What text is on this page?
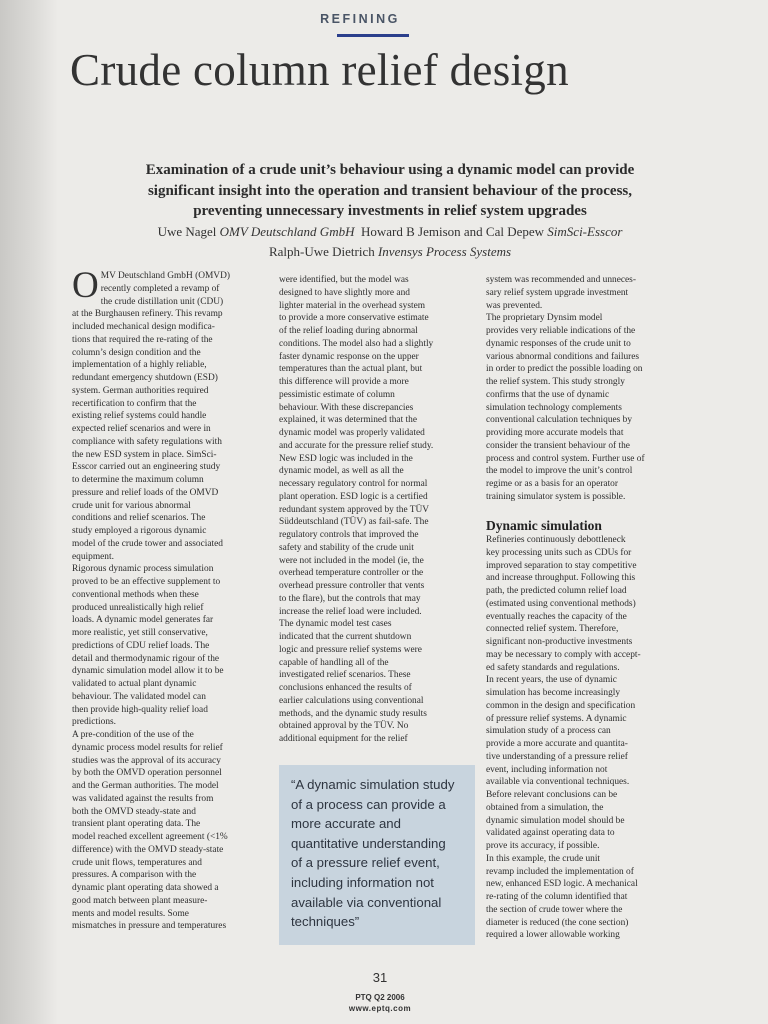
REFINING
Crude column relief design
Examination of a crude unit’s behaviour using a dynamic model can provide
significant insight into the operation and transient behaviour of the process,
preventing unnecessary investments in relief system upgrades
Uwe Nagel OMV Deutschland GmbH Howard B Jemison and Cal Depew SimSci-Esscor
Ralph-Uwe Dietrich Invensys Process Systems
O MV Deutschland GmbH (OMVD)
recently completed a revamp of
the crude distillation unit (CDU)
at the Burghausen refinery. This revamp
included mechanical design modifica-
tions that required the re-rating of the
column’s design condition and the
implementation of a highly reliable,
redundant emergency shutdown (ESD)
system. German authorities required
recertification to confirm that the
existing relief systems could handle
expected relief scenarios and were in
compliance with safety regulations with
the new ESD system in place. SimSci-
Esscor carried out an engineering study
to determine the maximum column
pressure and relief loads of the OMVD
crude unit for various abnormal
conditions and relief scenarios. The
study employed a rigorous dynamic
model of the crude tower and associated
equipment.
Rigorous dynamic process simulation
proved to be an effective supplement to
conventional methods when these
produced unrealistically high relief
loads. A dynamic model generates far
more realistic, yet still conservative,
predictions of CDU relief loads. The
detail and thermodynamic rigour of the
dynamic simulation model allow it to be
validated to actual plant dynamic
behaviour. The validated model can
then provide high-quality relief load
predictions.
A pre-condition of the use of the
dynamic process model results for relief
studies was the approval of its accuracy
by both the OMVD operation personnel
and the German authorities. The model
was validated against the results from
both the OMVD steady-state and
transient plant operating data. The
model reached excellent agreement (<1%
difference) with the OMVD steady-state
crude unit flows, temperatures and
pressures. A comparison with the
dynamic plant operating data showed a
good match between plant measure-
ments and model results. Some
mismatches in pressure and temperatures
were identified, but the model was
designed to have slightly more and
lighter material in the overhead system
to provide a more conservative estimate
of the relief loading during abnormal
conditions. The model also had a slightly
faster dynamic response on the upper
temperatures than the actual plant, but
this difference will provide a more
pessimistic estimate of column
behaviour. With these discrepancies
explained, it was determined that the
dynamic model was properly validated
and accurate for the pressure relief study.
New ESD logic was included in the
dynamic model, as well as all the
necessary regulatory control for normal
plant operation. ESD logic is a certified
redundant system approved by the TÜV
Süddeutschland (TÜV) as fail-safe. The
regulatory controls that improved the
safety and stability of the crude unit
were not included in the model (ie, the
overhead temperature controller or the
overhead pressure controller that vents
to the flare), but the controls that may
increase the relief load were included.
The dynamic model test cases
indicated that the current shutdown
logic and pressure relief systems were
capable of handling all of the
investigated relief scenarios. These
conclusions enhanced the results of
earlier calculations using conventional
methods, and the dynamic study results
obtained approval by the TÜV. No
additional equipment for the relief
“A dynamic simulation study
of a process can provide a
more accurate and
quantitative understanding
of a pressure relief event,
including information not
available via conventional
techniques”
system was recommended and unneces-
sary relief system upgrade investment
was prevented.
The proprietary Dynsim model
provides very reliable indications of the
dynamic responses of the crude unit to
various abnormal conditions and failures
in order to predict the possible loading on
the relief system. This study strongly
confirms that the use of dynamic
simulation technology complements
conventional calculation techniques by
providing more accurate models that
consider the transient behaviour of the
process and control system. Further use of
the model to improve the unit’s control
regime or as a basis for an operator
training simulator system is possible.
Dynamic simulation
Refineries continuously debottleneck
key processing units such as CDUs for
improved separation to stay competitive
and increase throughput. Following this
path, the predicted column relief load
(estimated using conventional methods)
eventually reaches the capacity of the
connected relief system. Therefore,
significant non-productive investments
may be necessary to comply with accept-
ed safety standards and regulations.
In recent years, the use of dynamic
simulation has become increasingly
common in the design and specification
of pressure relief systems. A dynamic
simulation study of a process can
provide a more accurate and quantita-
tive understanding of a pressure relief
event, including information not
available via conventional techniques.
Before relevant conclusions can be
obtained from a simulation, the
dynamic simulation model should be
validated against operating data to
prove its accuracy, if possible.
In this example, the crude unit
revamp included the implementation of
new, enhanced ESD logic. A mechanical
re-rating of the column identified that
the section of crude tower where the
diameter is reduced (the cone section)
required a lower allowable working
31
PTQ Q2 2006
www.eptq.com
